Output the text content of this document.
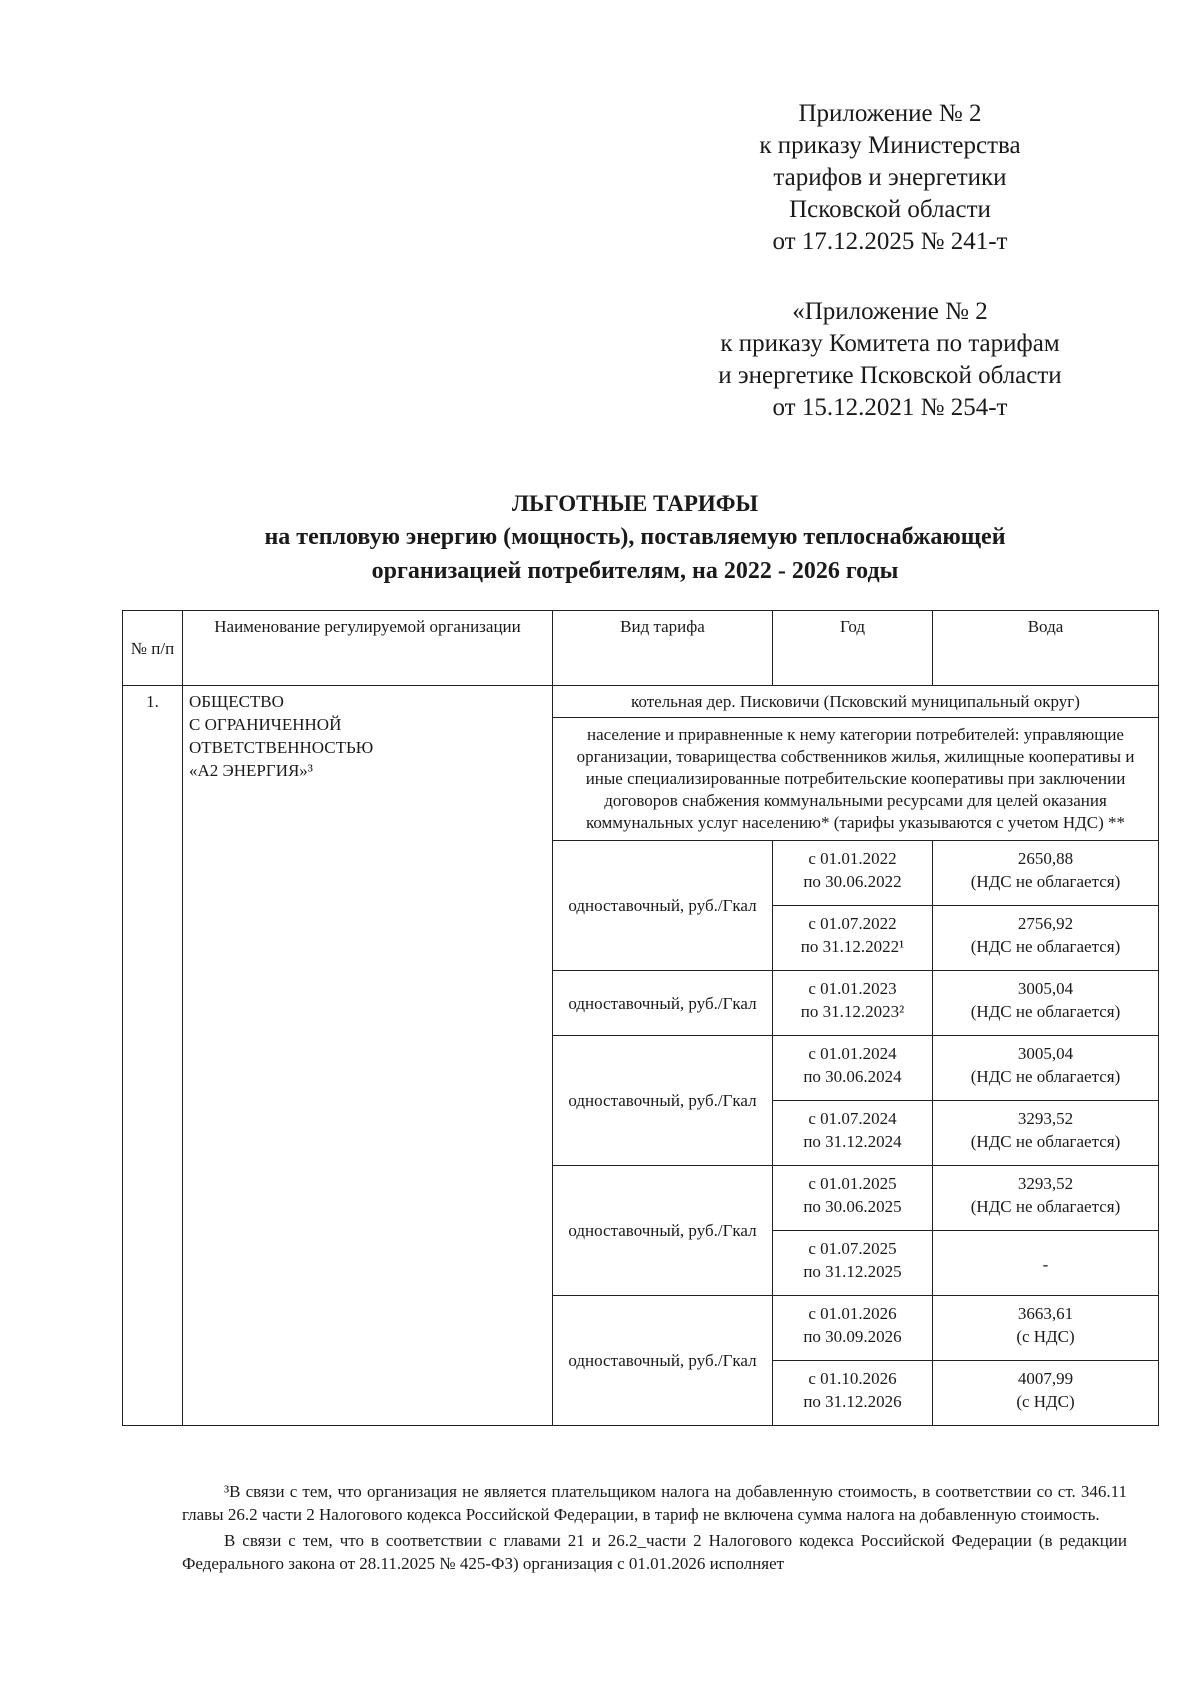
Приложение № 2
к приказу Министерства
тарифов и энергетики
Псковской области
от 17.12.2025 № 241-т
«Приложение № 2
к приказу Комитета по тарифам
и энергетике Псковской области
от 15.12.2021 № 254-т
ЛЬГОТНЫЕ ТАРИФЫ
на тепловую энергию (мощность), поставляемую теплоснабжающей
организацией потребителям, на 2022 - 2026 годы
№ п/п	Наименование регулируемой организации	Вид тарифа	Год	Вода
1.	ОБЩЕСТВО
С ОГРАНИЧЕННОЙ
ОТВЕТСТВЕННОСТЬЮ
«А2 ЭНЕРГИЯ»³	котельная дер. Писковичи (Псковский муниципальный округ)		
		население и приравненные к нему категории потребителей: управляющие организации, товарищества собственников жилья, жилищные кооперативы и иные специализированные потребительские кооперативы при заключении договоров снабжения коммунальными ресурсами для целей оказания коммунальных услуг населению* (тарифы указываются с учетом НДС) **		
		одноставочный, руб./Гкал	с 01.01.2022
по 30.06.2022	2650,88
(НДС не облагается)

			с 01.07.2022
по 31.12.2022¹	2756,92
(НДС не облагается)

		одноставочный, руб./Гкал	с 01.01.2023
по 31.12.2023²	3005,04
(НДС не облагается)

		одноставочный, руб./Гкал	с 01.01.2024
по 30.06.2024	3005,04
(НДС не облагается)

			с 01.07.2024
по 31.12.2024	3293,52
(НДС не облагается)

		одноставочный, руб./Гкал	с 01.01.2025
по 30.06.2025	3293,52
(НДС не облагается)

			с 01.07.2025
по 31.12.2025	-

		одноставочный, руб./Гкал	с 01.01.2026
по 30.09.2026	3663,61
(с НДС)

			с 01.10.2026
по 31.12.2026	4007,99
(с НДС)

³В связи с тем, что организация не является плательщиком налога на добавленную стоимость, в соответствии со ст. 346.11 главы 26.2 части 2 Налогового кодекса Российской Федерации, в тариф не включена сумма налога на добавленную стоимость.

В связи с тем, что в соответствии с главами 21 и 26.2_части 2 Налогового кодекса Российской Федерации (в редакции Федерального закона от 28.11.2025 № 425-ФЗ) организация с 01.01.2026 исполняет
